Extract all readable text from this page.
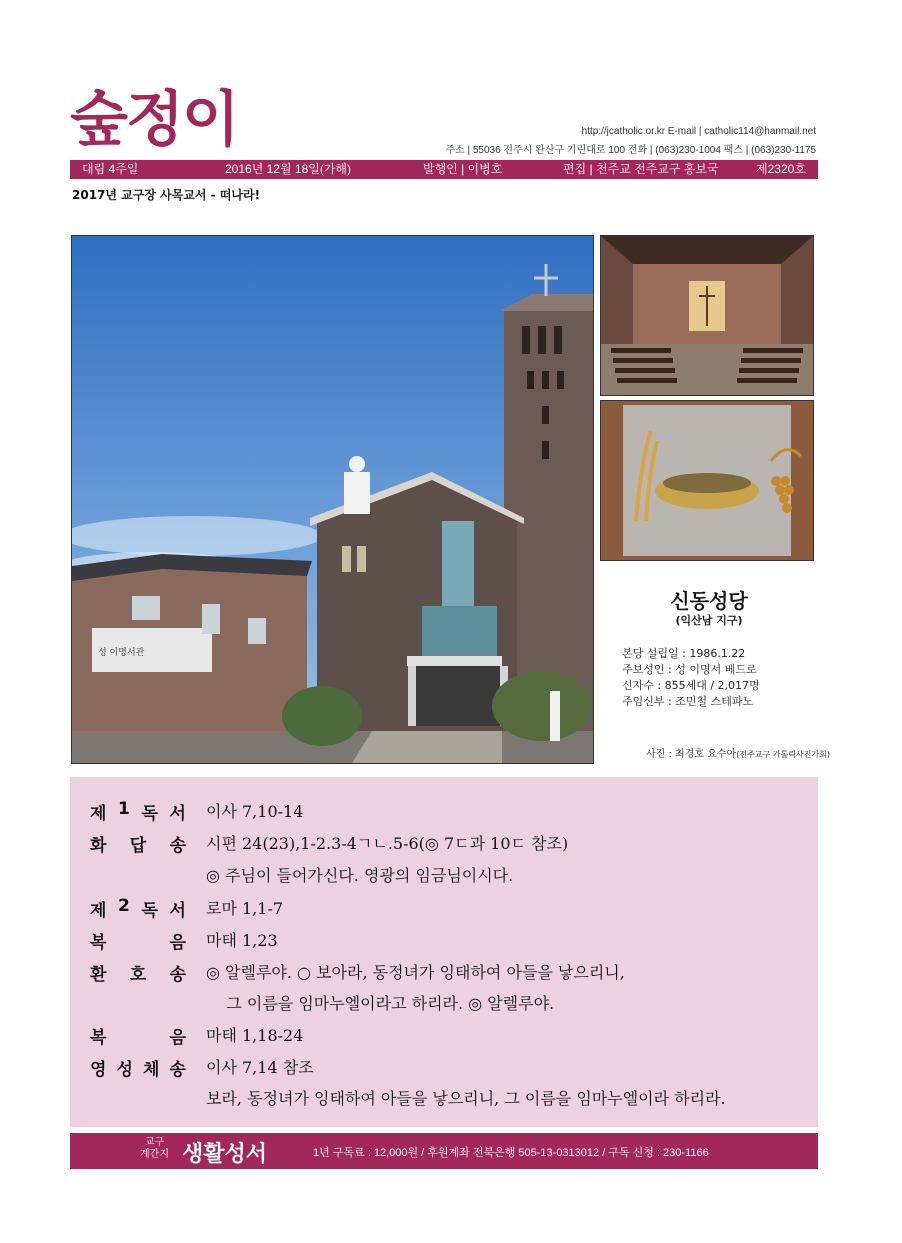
숲정이	http://jcatholic.or.kr E-mail | catholic114@hanmail.net
주소 | 55036 전주시 완산구 기린대로 100 전화 | (063)230-1004 팩스 | (063)230-1175
대림 4주일	2016년 12월 18일(가해)	발행인 | 이병호	편집 | 천주교 전주교구 홍보국	제2320호
2017년 교구장 사목교서 - 떠나라!
성 이명서관
신동성당
(익산남 지구)
본당 설립일 : 1986.1.22
주보성인 : 성 이명서 베드로
신자수 : 855세대 / 2,017명
주임신부 : 조민철 스테파노
사진 : 최경호 요수아(전주교구 가톨릭사진가회)
제 1 독 서 이사 7,10-14
화 답 송 시편 24(23),1-2.3-4ㄱㄴ.5-6(◎ 7ㄷ과 10ㄷ 참조)
◎ 주님이 들어가신다. 영광의 임금님이시다.
제 2 독 서 로마 1,1-7
복	음 마태 1,23
환 호 송 ◎ 알렐루야. ○ 보아라, 동정녀가 잉태하여 아들을 낳으리니,
그 이름을 임마누엘이라고 하리라. ◎ 알렐루야.
복	음 마태 1,18-24
영 성 체 송 이사 7,14 참조
보라, 동정녀가 잉태하여 아들을 낳으리니, 그 이름을 임마누엘이라 하리라.
교구
계간지 생활성서	1년 구독료 : 12,000원 / 후원계좌 전북은행 505-13-0313012 / 구독 신청 : 230-1166
